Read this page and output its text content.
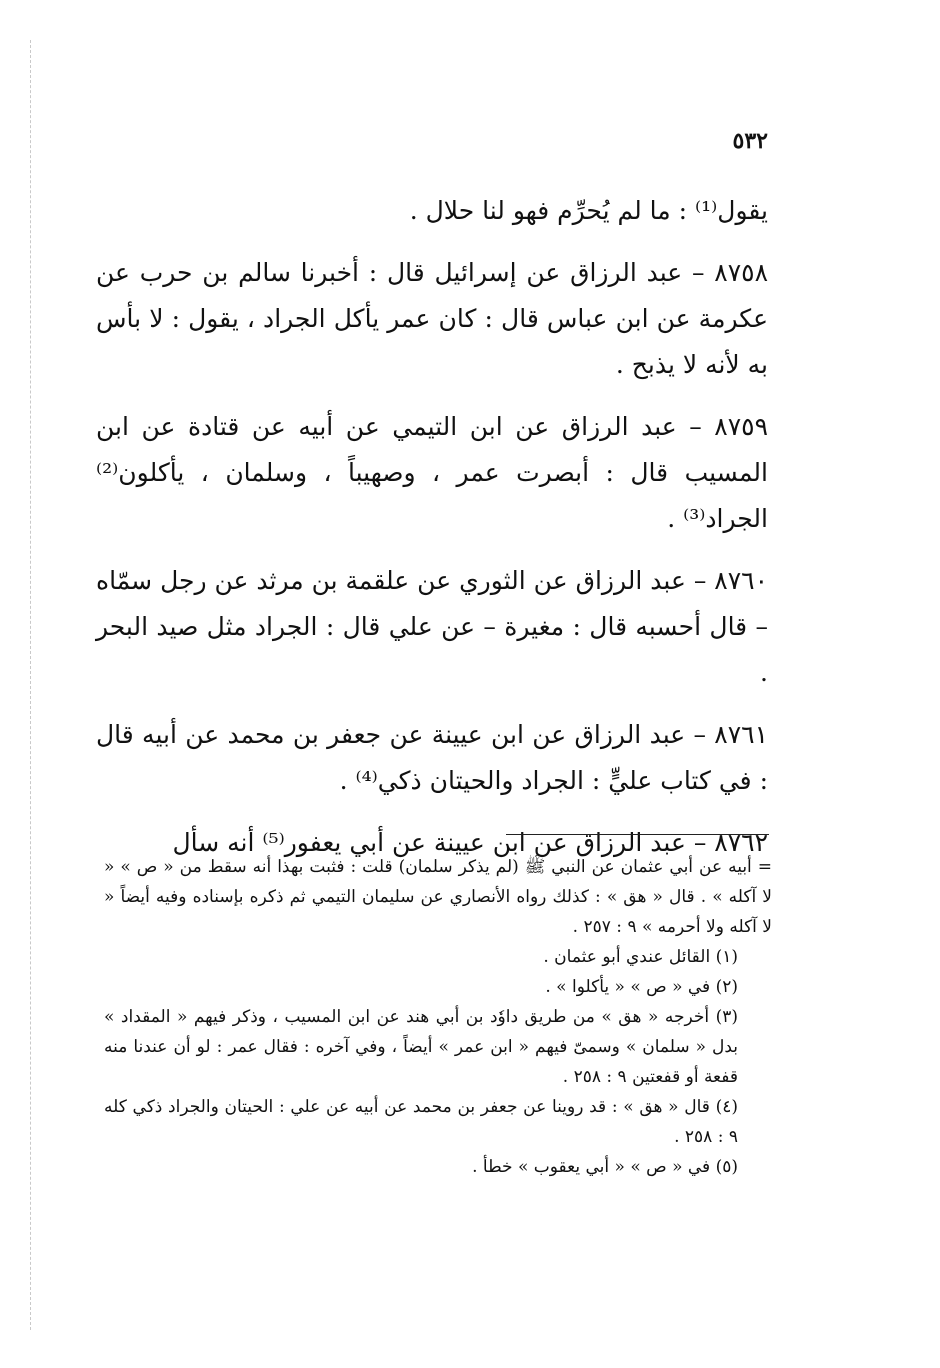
٥٣٢

يقول⁽¹⁾ : ما لم يُحرِّم فهو لنا حلال .

٨٧٥٨ – عبد الرزاق عن إسرائيل قال : أخبرنا سالم بن حرب عن عكرمة عن ابن عباس قال : كان عمر يأكل الجراد ، يقول : لا بأس به لأنه لا يذبح .

٨٧٥٩ – عبد الرزاق عن ابن التيمي عن أبيه عن قتادة عن ابن المسيب قال : أبصرت عمر ، وصهيباً ، وسلمان ، يأكلون⁽²⁾ الجراد⁽³⁾ .

٨٧٦٠ – عبد الرزاق عن الثوري عن علقمة بن مرثد عن رجل سمّاه – قال أحسبه قال : مغيرة – عن علي قال : الجراد مثل صيد البحر .

٨٧٦١ – عبد الرزاق عن ابن عيينة عن جعفر بن محمد عن أبيه قال : في كتاب عليٍّ : الجراد والحيتان ذكي⁽⁴⁾ .

٨٧٦٢ – عبد الرزاق عن ابن عيينة عن أبي يعفور⁽⁵⁾ أنه سأل

= أبيه عن أبي عثمان عن النبي ﷺ (لم يذكر سلمان) قلت : فثبت بهذا أنه سقط من « ص » « لا آكله » . قال « هق » : كذلك رواه الأنصاري عن سليمان التيمي ثم ذكره بإسناده وفيه أيضاً « لا آكله ولا أحرمه » ٩ : ٢٥٧ .

(١) القائل عندي أبو عثمان .

(٢) في « ص » « يأكلوا » .

(٣) أخرجه « هق » من طريق داوٗد بن أبي هند عن ابن المسيب ، وذكر فيهم « المقداد » بدل « سلمان » وسمىّ فيهم « ابن عمر » أيضاً ، وفي آخره : فقال عمر : لو أن عندنا منه قفعة أو قفعتين ٩ : ٢٥٨ .

(٤) قال « هق » : قد روينا عن جعفر بن محمد عن أبيه عن علي : الحيتان والجراد ذكي كله ٩ : ٢٥٨ .

(٥) في « ص » « أبي يعقوب » خطأ .
